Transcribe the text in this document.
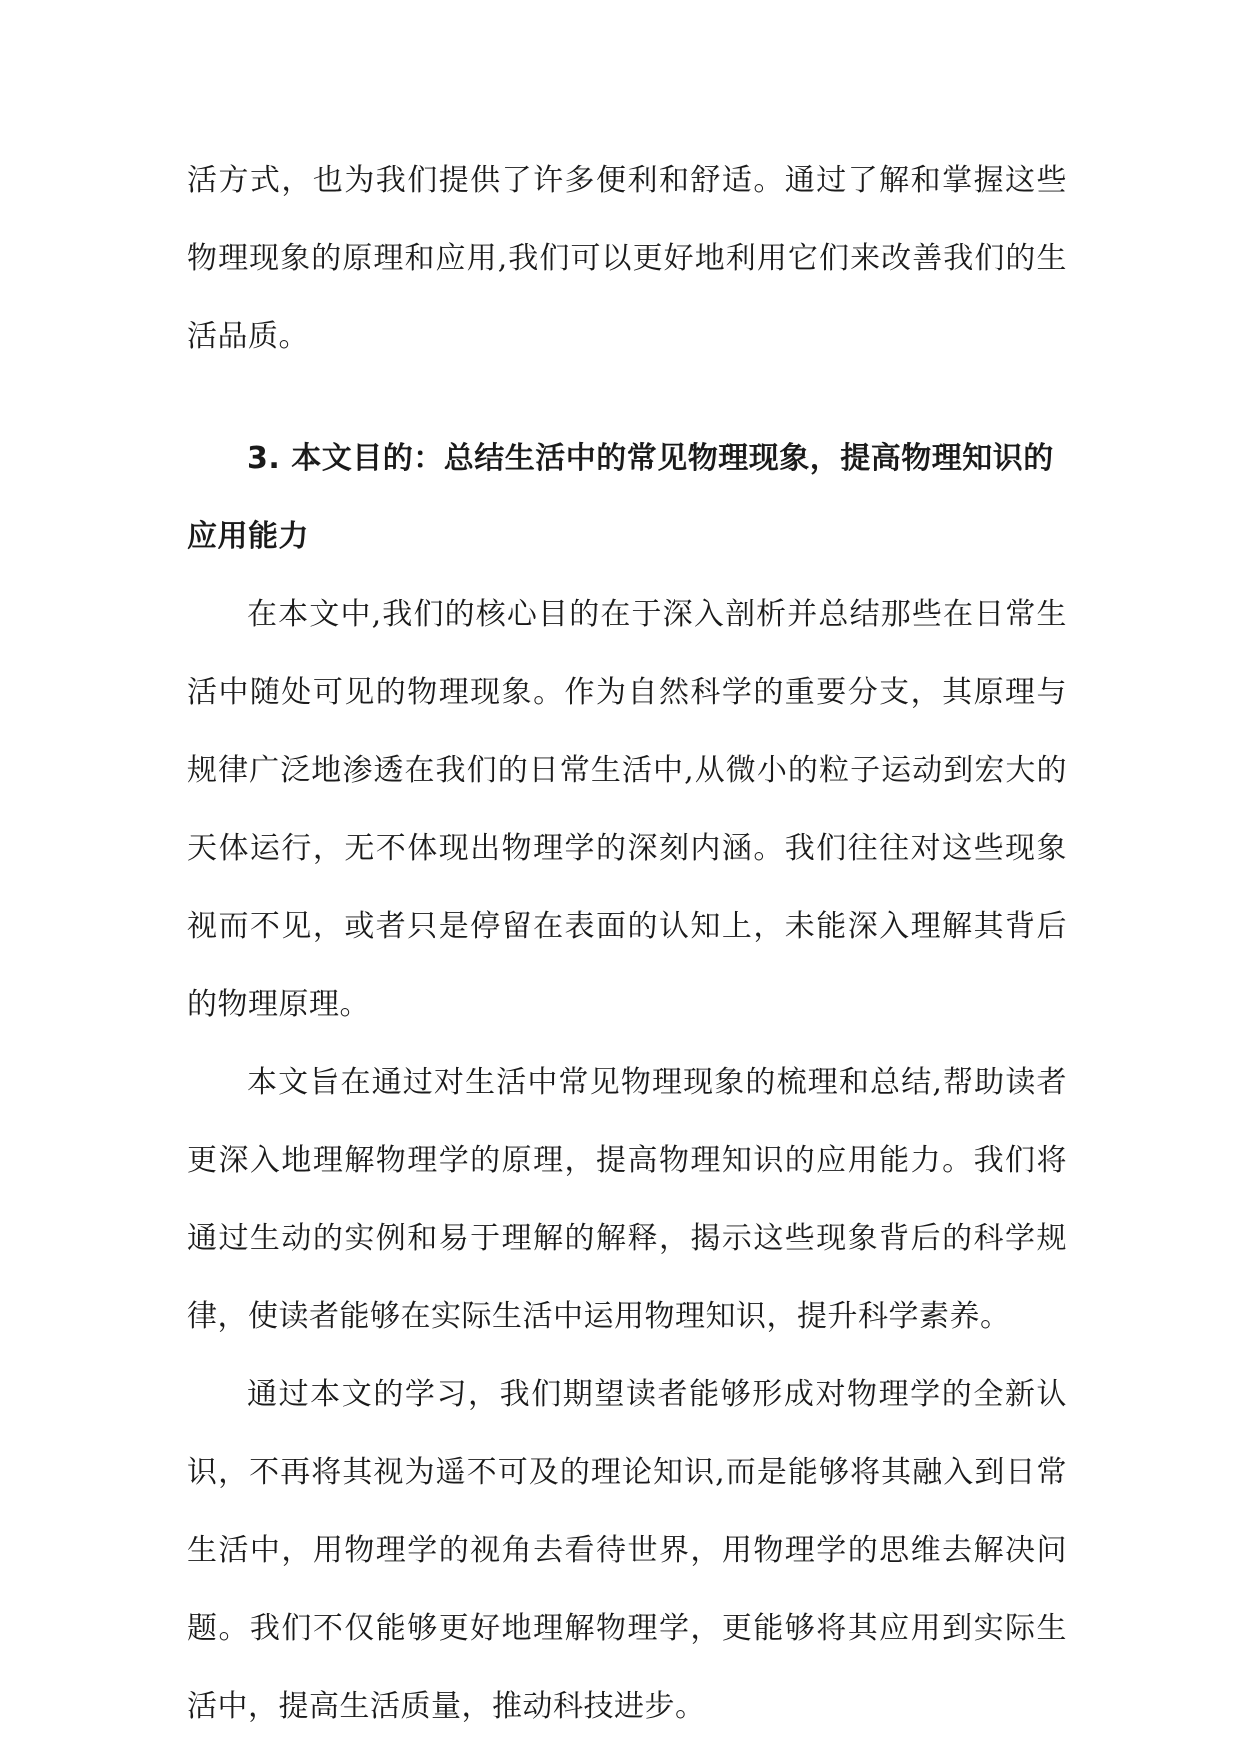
活方式，也为我们提供了许多便利和舒适。通过了解和掌握这些物理现象的原理和应用,我们可以更好地利用它们来改善我们的生活品质。

3. 本文目的：总结生活中的常见物理现象，提高物理知识的应用能力

在本文中,我们的核心目的在于深入剖析并总结那些在日常生活中随处可见的物理现象。作为自然科学的重要分支，其原理与规律广泛地渗透在我们的日常生活中,从微小的粒子运动到宏大的天体运行，无不体现出物理学的深刻内涵。我们往往对这些现象视而不见，或者只是停留在表面的认知上，未能深入理解其背后的物理原理。

本文旨在通过对生活中常见物理现象的梳理和总结,帮助读者更深入地理解物理学的原理，提高物理知识的应用能力。我们将通过生动的实例和易于理解的解释，揭示这些现象背后的科学规律，使读者能够在实际生活中运用物理知识，提升科学素养。

通过本文的学习，我们期望读者能够形成对物理学的全新认识，不再将其视为遥不可及的理论知识,而是能够将其融入到日常生活中，用物理学的视角去看待世界，用物理学的思维去解决问题。我们不仅能够更好地理解物理学，更能够将其应用到实际生活中，提高生活质量，推动科技进步。
